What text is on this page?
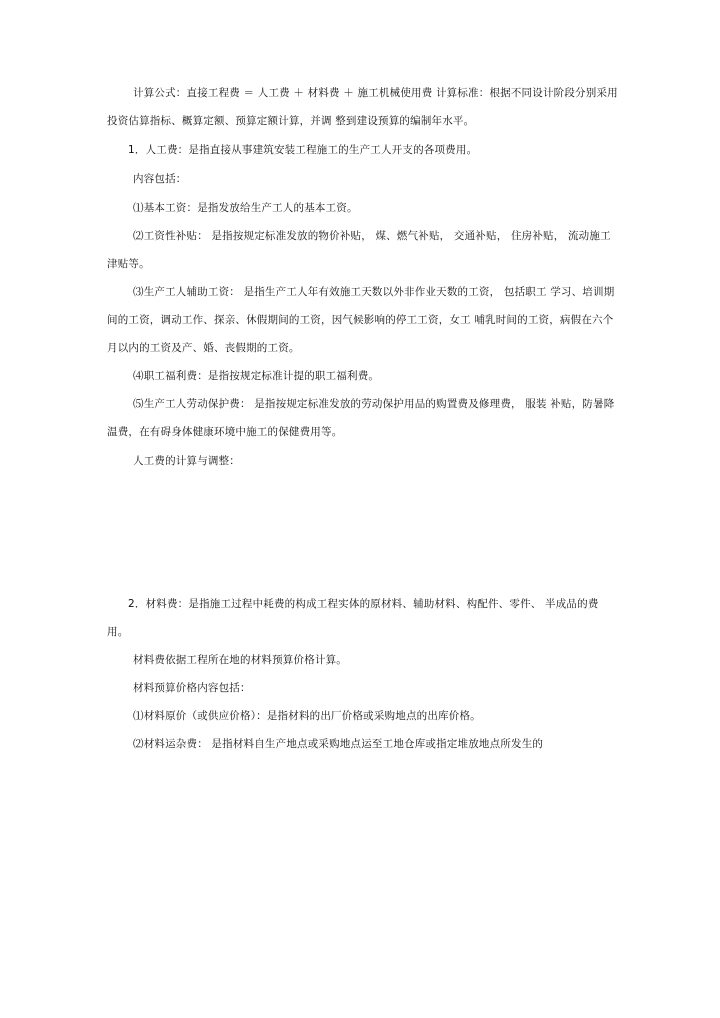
计算公式：直接工程费 ＝ 人工费 ＋ 材料费 ＋ 施工机械使用费 计算标准：根据不同设计阶段分别采用
投资估算指标、概算定额、预算定额计算，并调 整到建设预算的编制年水平。
1．人工费：是指直接从事建筑安装工程施工的生产工人开支的各项费用。
内容包括：
⑴基本工资：是指发放给生产工人的基本工资。
⑵工资性补贴： 是指按规定标准发放的物价补贴， 煤、燃气补贴， 交通补贴， 住房补贴， 流动施工
津贴等。
⑶生产工人辅助工资： 是指生产工人年有效施工天数以外非作业天数的工资， 包括职工 学习、培训期
间的工资，调动工作、探亲、休假期间的工资，因气候影响的停工工资，女工 哺乳时间的工资，病假在六个
月以内的工资及产、婚、丧假期的工资。
⑷职工福利费：是指按规定标准计提的职工福利费。
⑸生产工人劳动保护费： 是指按规定标准发放的劳动保护用品的购置费及修理费， 服装 补贴，防暑降
温费，在有碍身体健康环境中施工的保健费用等。
人工费的计算与调整：
2．材料费：是指施工过程中耗费的构成工程实体的原材料、辅助材料、构配件、零件、 半成品的费
用。
材料费依据工程所在地的材料预算价格计算。
材料预算价格内容包括：
⑴材料原价（或供应价格）：是指材料的出厂价格或采购地点的出库价格。
⑵材料运杂费： 是指材料自生产地点或采购地点运至工地仓库或指定堆放地点所发生的
